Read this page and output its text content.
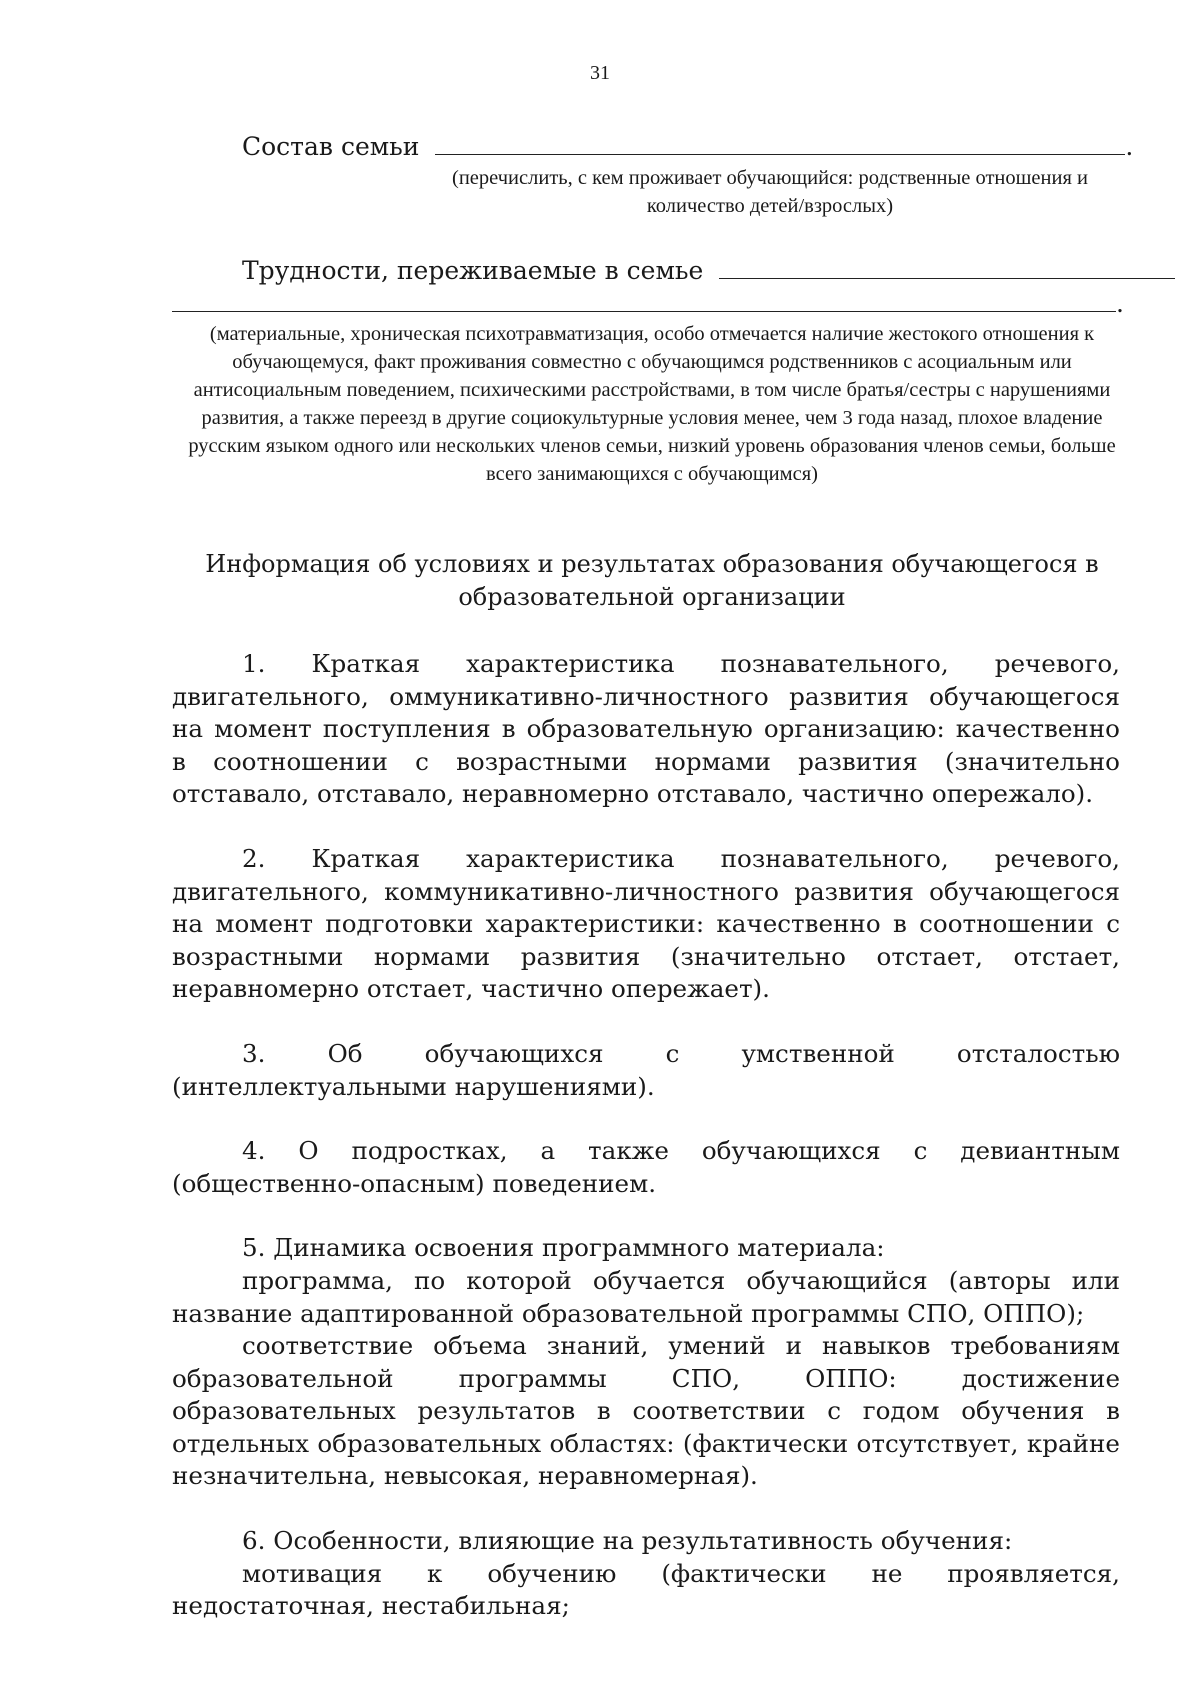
31
Состав семьи	.
(перечислить, с кем проживает обучающийся: родственные отношения и количество детей/взрослых)
Трудности, переживаемые в семье
.
(материальные, хроническая психотравматизация, особо отмечается наличие жестокого отношения к обучающемуся, факт проживания совместно с обучающимся родственников с асоциальным или антисоциальным поведением, психическими расстройствами, в том числе братья/сестры с нарушениями развития, а также переезд в другие социокультурные условия менее, чем 3 года назад, плохое владение русским языком одного или нескольких членов семьи, низкий уровень образования членов семьи, больше всего занимающихся с обучающимся)
Информация об условиях и результатах образования обучающегося в образовательной организации

1. Краткая характеристика познавательного, речевого, двигательного, оммуникативно-личностного развития обучающегося на момент поступления в образовательную организацию: качественно в соотношении с возрастными нормами развития (значительно отставало, отставало, неравномерно отставало, частично опережало).

2. Краткая характеристика познавательного, речевого, двигательного, коммуникативно-личностного развития обучающегося на момент подготовки характеристики: качественно в соотношении с возрастными нормами развития (значительно отстает, отстает, неравномерно отстает, частично опережает).

3. Об обучающихся с умственной отсталостью (интеллектуальными нарушениями).

4. О подростках, а также обучающихся с девиантным (общественно-опасным) поведением.

5. Динамика освоения программного материала:

программа, по которой обучается обучающийся (авторы или название адаптированной образовательной программы СПО, ОППО);

соответствие объема знаний, умений и навыков требованиям образовательной программы СПО, ОППО: достижение образовательных результатов в соответствии с годом обучения в отдельных образовательных областях: (фактически отсутствует, крайне незначительна, невысокая, неравномерная).

6. Особенности, влияющие на результативность обучения:

мотивация к обучению (фактически не проявляется, недостаточная, нестабильная;
